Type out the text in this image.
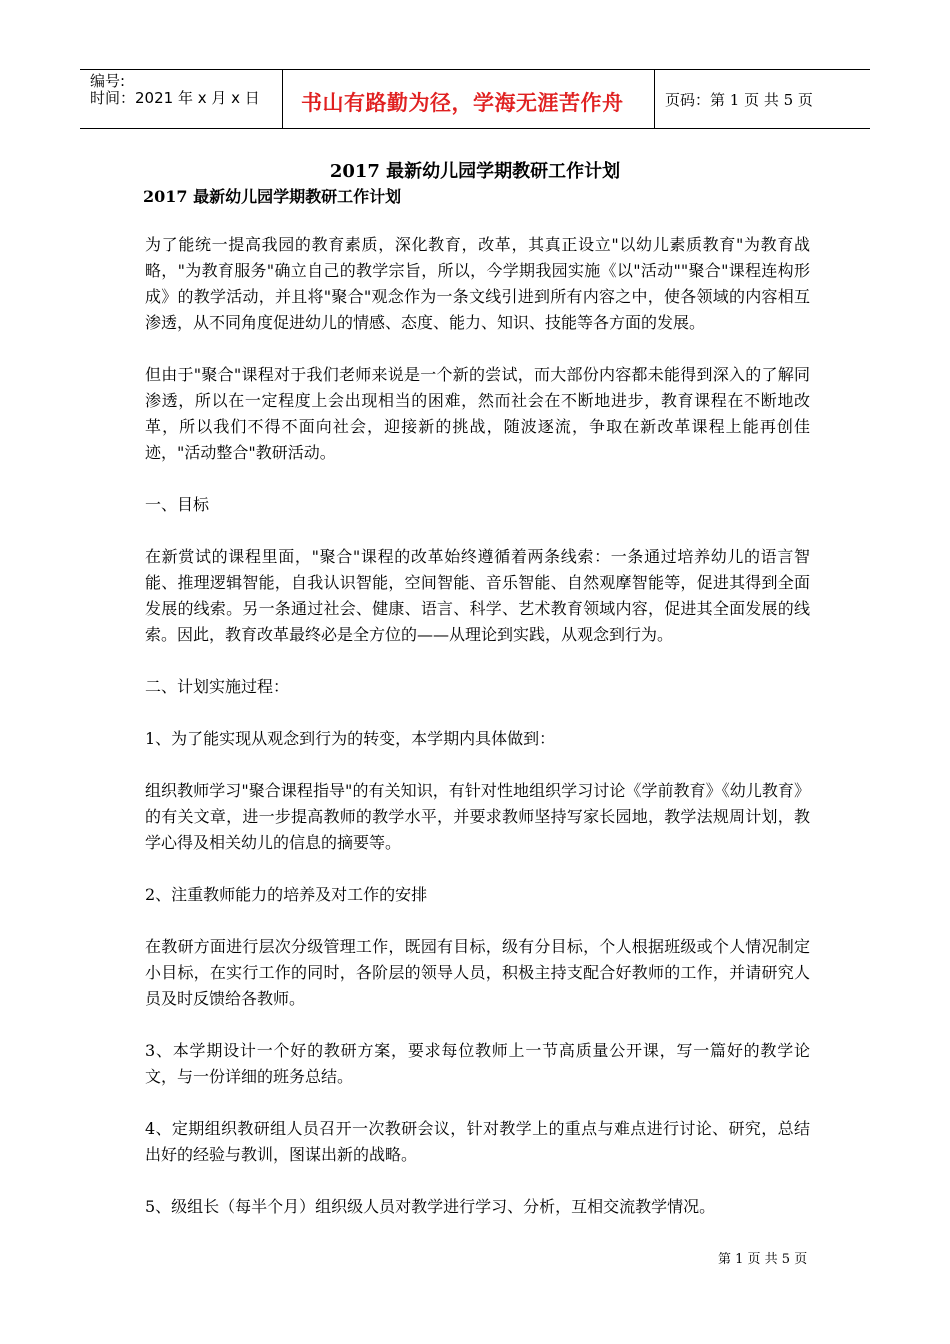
编号:
时间：2021 年 x 月 x 日 书山有路勤为径，学海无涯苦作舟	页码：第 1 页 共 5 页
2017 最新幼儿园学期教研工作计划
2017 最新幼儿园学期教研工作计划

为了能统一提高我园的教育素质，深化教育，改革，其真正设立"以幼儿素质教育"为教育战略，"为教育服务"确立自己的教学宗旨，所以，今学期我园实施《以"活动""聚合"课程连构形成》的教学活动，并且将"聚合"观念作为一条文线引进到所有内容之中，使各领域的内容相互渗透，从不同角度促进幼儿的情感、态度、能力、知识、技能等各方面的发展。

但由于"聚合"课程对于我们老师来说是一个新的尝试，而大部份内容都未能得到深入的了解同渗透，所以在一定程度上会出现相当的困难，然而社会在不断地进步，教育课程在不断地改革，所以我们不得不面向社会，迎接新的挑战，随波逐流，争取在新改革课程上能再创佳迹，"活动整合"教研活动。

一、目标

在新赏试的课程里面，"聚合"课程的改革始终遵循着两条线索：一条通过培养幼儿的语言智能、推理逻辑智能，自我认识智能，空间智能、音乐智能、自然观摩智能等，促进其得到全面发展的线索。另一条通过社会、健康、语言、科学、艺术教育领域内容，促进其全面发展的线索。因此，教育改革最终必是全方位的——从理论到实践，从观念到行为。

二、计划实施过程：

1、为了能实现从观念到行为的转变，本学期内具体做到：

组织教师学习"聚合课程指导"的有关知识，有针对性地组织学习讨论《学前教育》《幼儿教育》的有关文章，进一步提高教师的教学水平，并要求教师坚持写家长园地，教学法规周计划，教学心得及相关幼儿的信息的摘要等。

2、注重教师能力的培养及对工作的安排

在教研方面进行层次分级管理工作，既园有目标，级有分目标，个人根据班级或个人情况制定小目标，在实行工作的同时，各阶层的领导人员，积极主持支配合好教师的工作，并请研究人员及时反馈给各教师。

3、本学期设计一个好的教研方案，要求每位教师上一节高质量公开课，写一篇好的教学论文，与一份详细的班务总结。

4、定期组织教研组人员召开一次教研会议，针对教学上的重点与难点进行讨论、研究，总结出好的经验与教训，图谋出新的战略。

5、级组长（每半个月）组织级人员对教学进行学习、分析，互相交流教学情况。

第 1 页 共 5 页
